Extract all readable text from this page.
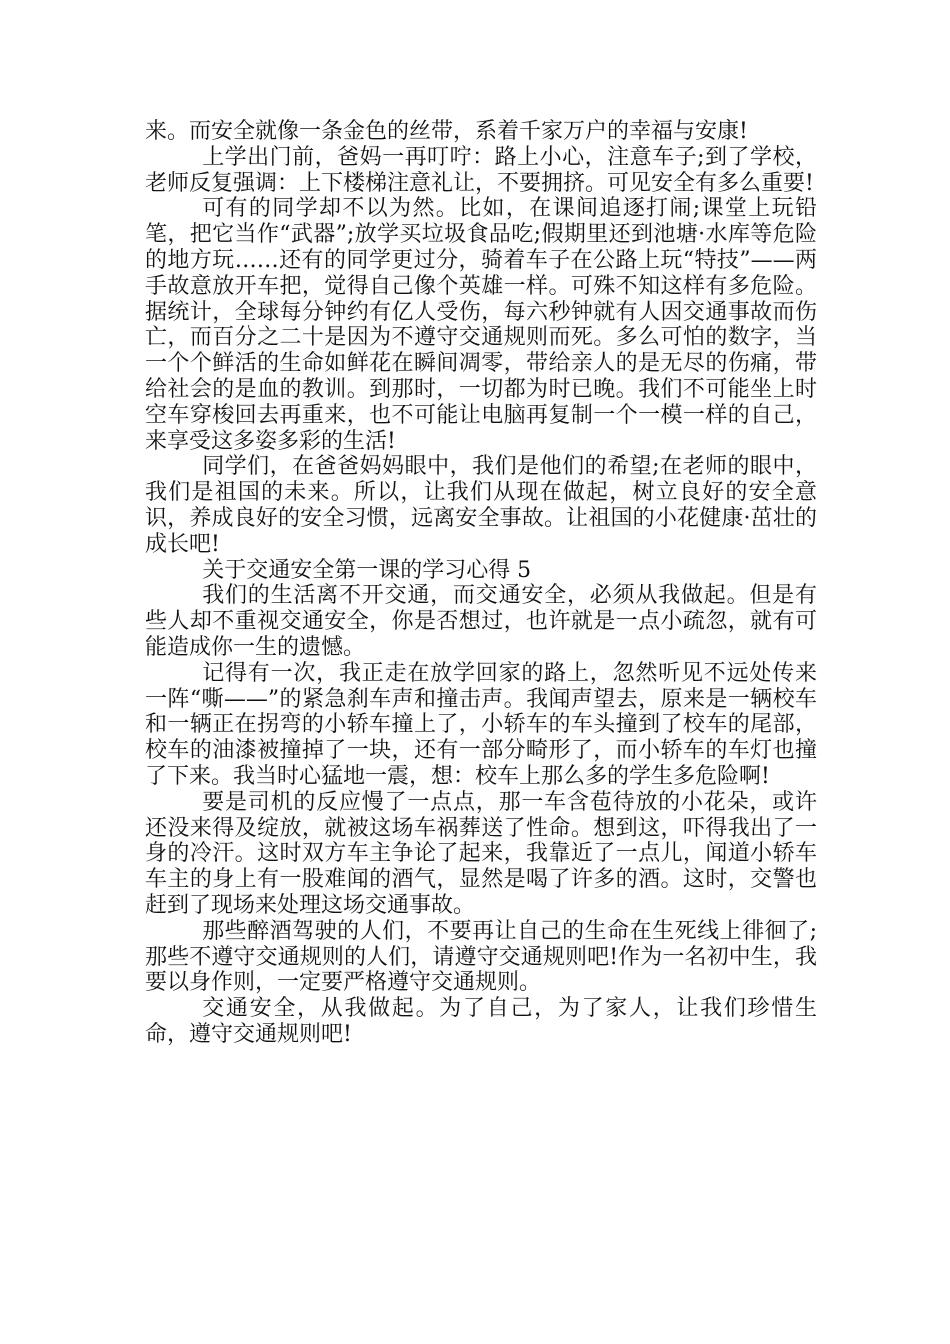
来。而安全就像一条金色的丝带，系着千家万户的幸福与安康!

上学出门前，爸妈一再叮咛：路上小心，注意车子;到了学校，老师反复强调：上下楼梯注意礼让，不要拥挤。可见安全有多么重要!

可有的同学却不以为然。比如，在课间追逐打闹;课堂上玩铅笔，把它当作“武器”;放学买垃圾食品吃;假期里还到池塘·水库等危险的地方玩……还有的同学更过分，骑着车子在公路上玩“特技”——两手故意放开车把，觉得自己像个英雄一样。可殊不知这样有多危险。据统计，全球每分钟约有亿人受伤，每六秒钟就有人因交通事故而伤亡，而百分之二十是因为不遵守交通规则而死。多么可怕的数字，当一个个鲜活的生命如鲜花在瞬间凋零，带给亲人的是无尽的伤痛，带给社会的是血的教训。到那时，一切都为时已晚。我们不可能坐上时空车穿梭回去再重来，也不可能让电脑再复制一个一模一样的自己，来享受这多姿多彩的生活!

同学们，在爸爸妈妈眼中，我们是他们的希望;在老师的眼中，我们是祖国的未来。所以，让我们从现在做起，树立良好的安全意识，养成良好的安全习惯，远离安全事故。让祖国的小花健康·茁壮的成长吧!

关于交通安全第一课的学习心得 5

我们的生活离不开交通，而交通安全，必须从我做起。但是有些人却不重视交通安全，你是否想过，也许就是一点小疏忽，就有可能造成你一生的遗憾。

记得有一次，我正走在放学回家的路上，忽然听见不远处传来一阵“嘶——”的紧急刹车声和撞击声。我闻声望去，原来是一辆校车和一辆正在拐弯的小轿车撞上了，小轿车的车头撞到了校车的尾部，校车的油漆被撞掉了一块，还有一部分畸形了，而小轿车的车灯也撞了下来。我当时心猛地一震，想：校车上那么多的学生多危险啊!

要是司机的反应慢了一点点，那一车含苞待放的小花朵，或许还没来得及绽放，就被这场车祸葬送了性命。想到这，吓得我出了一身的冷汗。这时双方车主争论了起来，我靠近了一点儿，闻道小轿车车主的身上有一股难闻的酒气，显然是喝了许多的酒。这时，交警也赶到了现场来处理这场交通事故。

那些醉酒驾驶的人们，不要再让自己的生命在生死线上徘徊了;那些不遵守交通规则的人们，请遵守交通规则吧!作为一名初中生，我要以身作则，一定要严格遵守交通规则。

交通安全，从我做起。为了自己，为了家人，让我们珍惜生命，遵守交通规则吧!
